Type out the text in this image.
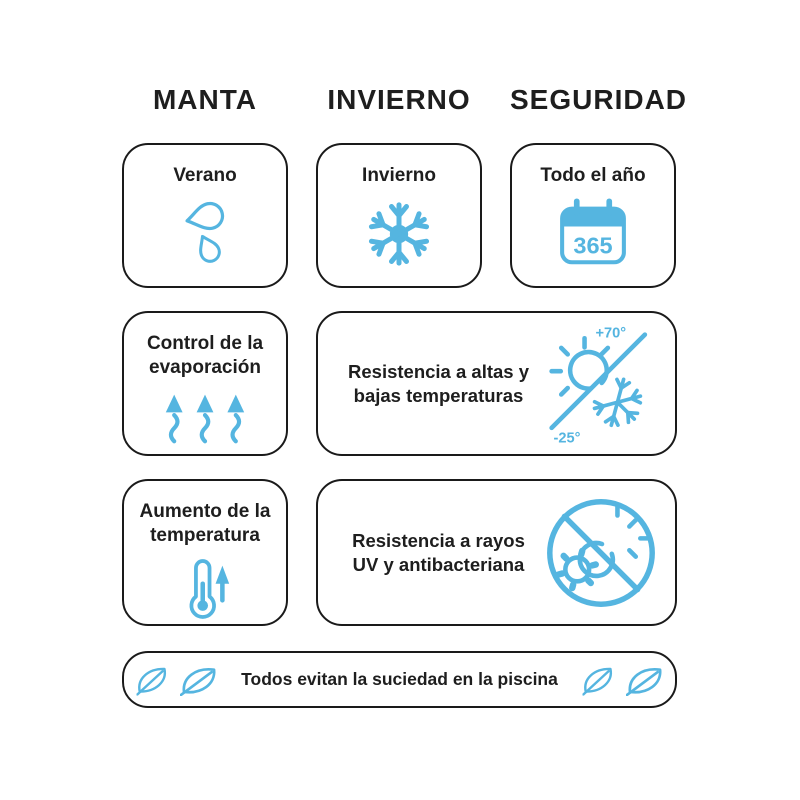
MANTA	INVIERNO	SEGURIDAD
Verano	Invierno	Todo el año
365
Control de la evaporación	Resistencia a altas y bajas temperaturas
+70°
-25°
Aumento de la temperatura	Resistencia a rayos UV y antibacteriana
Todos evitan la suciedad en la piscina
